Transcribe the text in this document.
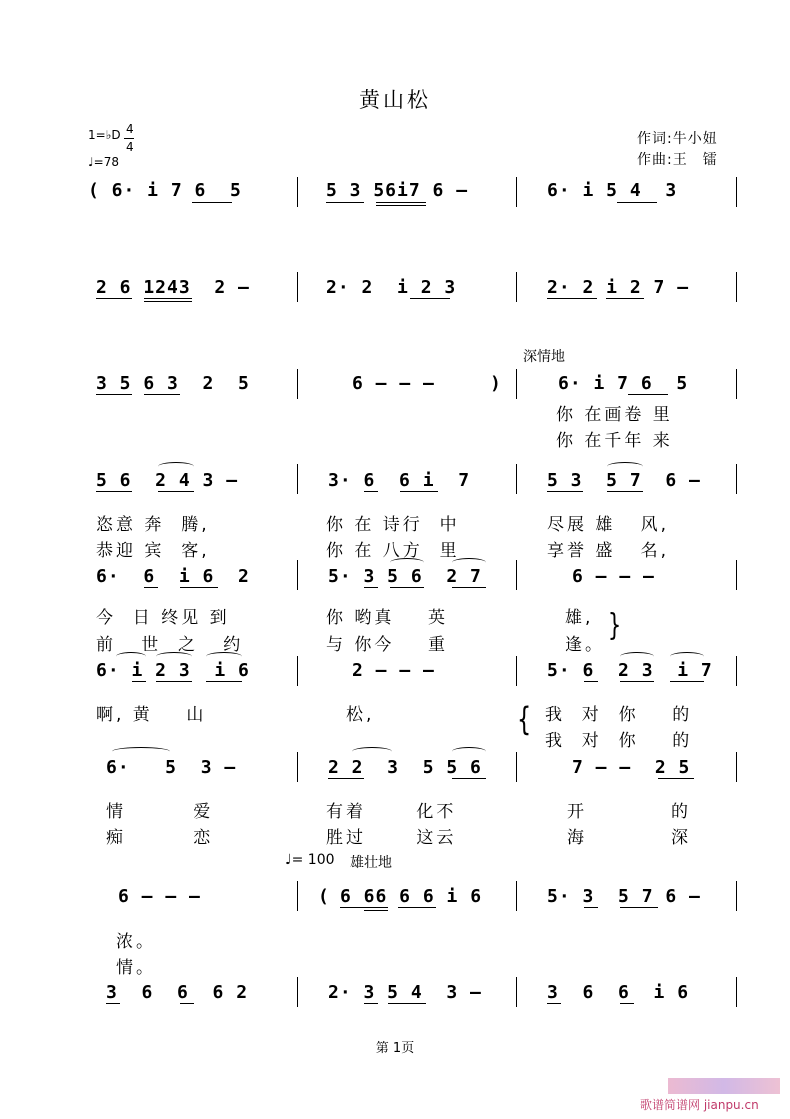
黄山松
1=♭D 4
4
♩=78
作词:牛小妞
作曲:王　镭
深情地
♩= 100 雄壮地
( 6· i 7 6  5	5 3 56i7 6 –	6· i 5 4  3
2 6 1243  2 –	2· 2  i 2 3	2· 2 i 2 7 –
3 5 6 3  2  5	6 – – –	)	6· i 7 6  5
你 在画卷 里
你 在千年 来
5 6  2 4 3 –	3· 6  6 i  7	5 3  5 7  6 –
恣意 奔  腾,	你 在 诗行  中	尽展 雄   风,
恭迎 宾  客,	你 在 八方  里	享誉 盛   名,
6·  6  i 6  2	5· 3 5 6  2 7	6 – – –
今  日 终见 到	你 哟真    英	雄,
前   世  之   约	与 你今    重	逢。
}
6· i 2 3  i 6	2 – – –	5· 6  2 3  i 7
啊, 黄    山	松,	{ 我  对  你    的
我  对  你    的
6·   5  3 –	2 2  3  5 5 6	7 – –  2 5
情        爱	有着      化不	开          的
痴        恋	胜过      这云	海          深
6 – – –	( 6 66 6 6 i 6	5· 3  5 7 6 –
浓。
情。
3  6  6  6 2	2· 3 5 4  3 –	3  6  6  i 6
第 1页
歌谱简谱网 jianpu.cn
